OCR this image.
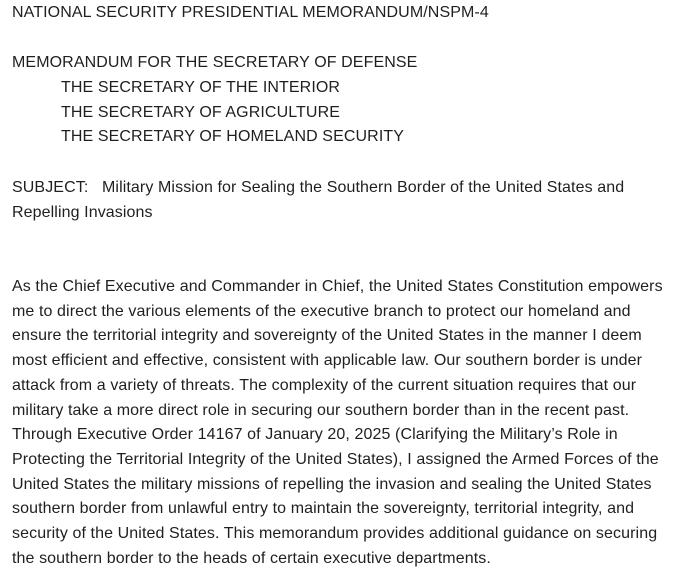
NATIONAL SECURITY PRESIDENTIAL MEMORANDUM/NSPM-4
MEMORANDUM FOR THE SECRETARY OF DEFENSE
THE SECRETARY OF THE INTERIOR
THE SECRETARY OF AGRICULTURE
THE SECRETARY OF HOMELAND SECURITY
SUBJECT: Military Mission for Sealing the Southern Border of the United States and
Repelling Invasions
As the Chief Executive and Commander in Chief, the United States Constitution empowers
me to direct the various elements of the executive branch to protect our homeland and
ensure the territorial integrity and sovereignty of the United States in the manner I deem
most efficient and effective, consistent with applicable law. Our southern border is under
attack from a variety of threats. The complexity of the current situation requires that our
military take a more direct role in securing our southern border than in the recent past.
Through Executive Order 14167 of January 20, 2025 (Clarifying the Military’s Role in
Protecting the Territorial Integrity of the United States), I assigned the Armed Forces of the
United States the military missions of repelling the invasion and sealing the United States
southern border from unlawful entry to maintain the sovereignty, territorial integrity, and
security of the United States. This memorandum provides additional guidance on securing
the southern border to the heads of certain executive departments.
